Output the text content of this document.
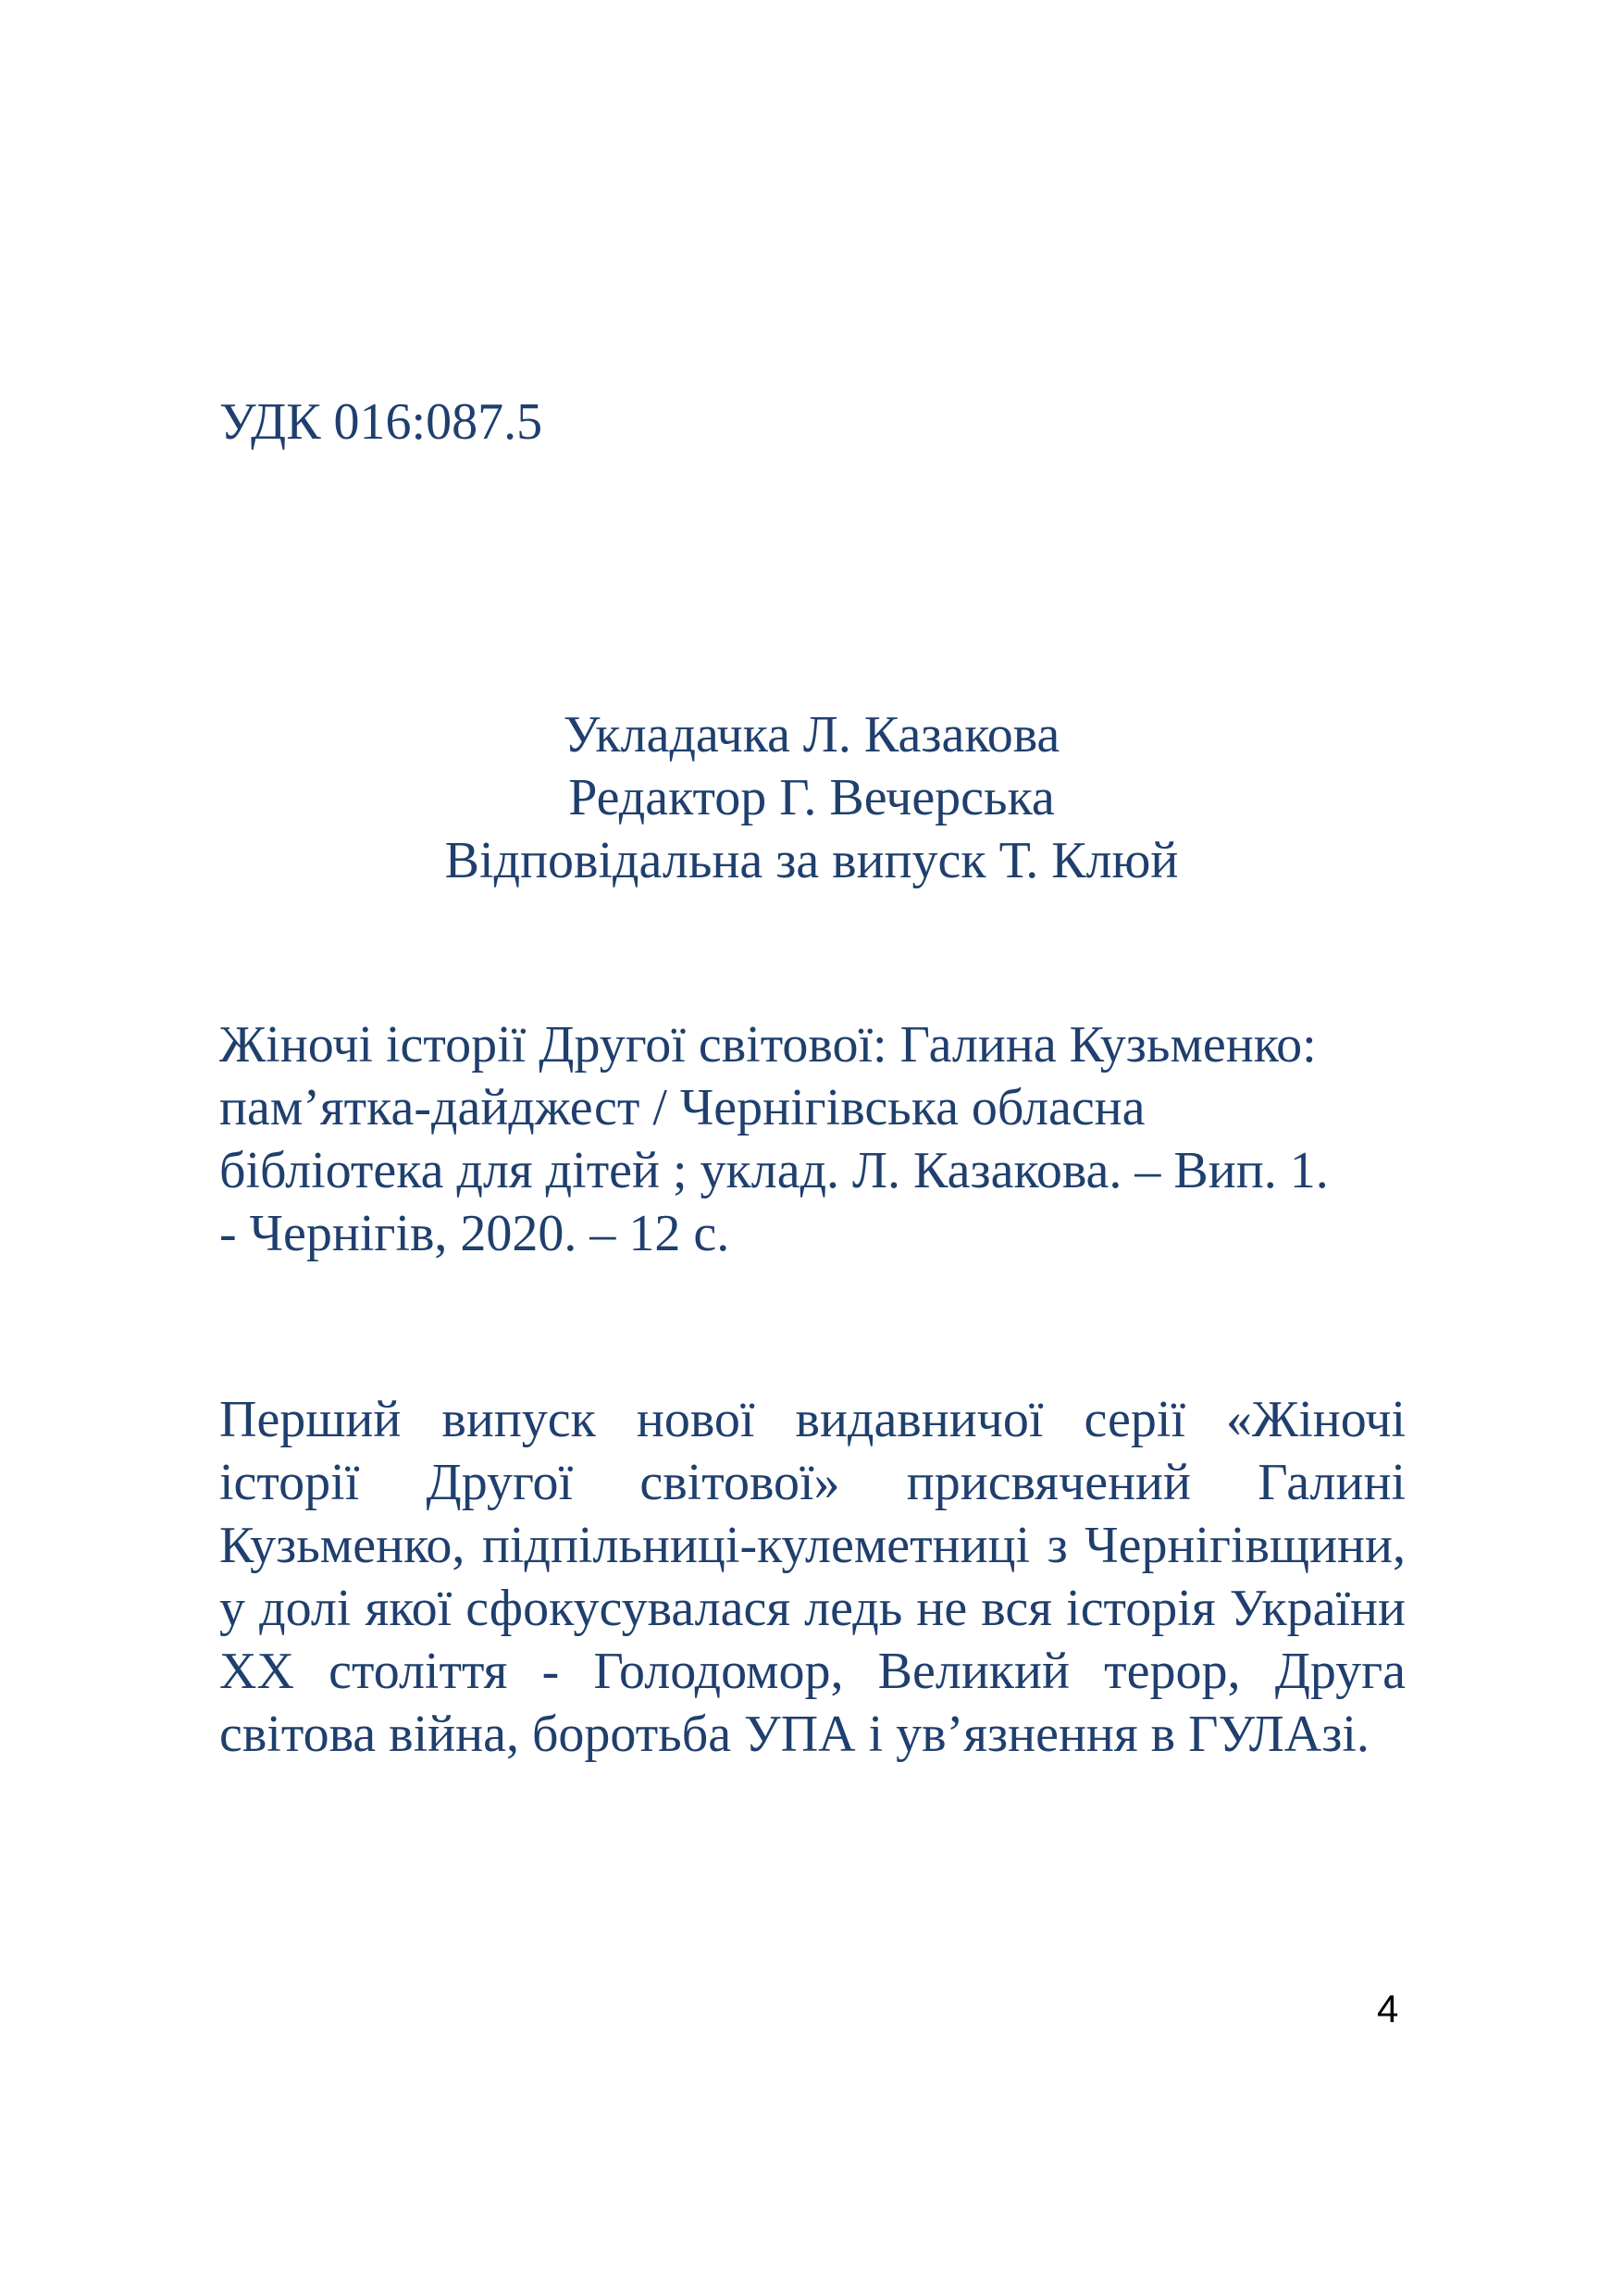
УДК 016:087.5

Укладачка Л. Казакова
Редактор Г. Вечерська
Відповідальна за випуск Т. Клюй
Жіночі історії Другої світової: Галина Кузьменко:
пам’ятка-дайджест / Чернігівська обласна
бібліотека для дітей ; уклад. Л. Казакова. – Вип. 1.
- Чернігів, 2020. – 12 с.

Перший випуск нової видавничої серії «Жіночі історії Другої світової» присвячений Галині Кузьменко, підпільниці-кулеметниці з Чернігівщини, у долі якої сфокусувалася ледь не вся історія України ХХ століття - Голодомор, Великий терор, Друга світова війна, боротьба УПА і ув’язнення в ГУЛАзі.

4
